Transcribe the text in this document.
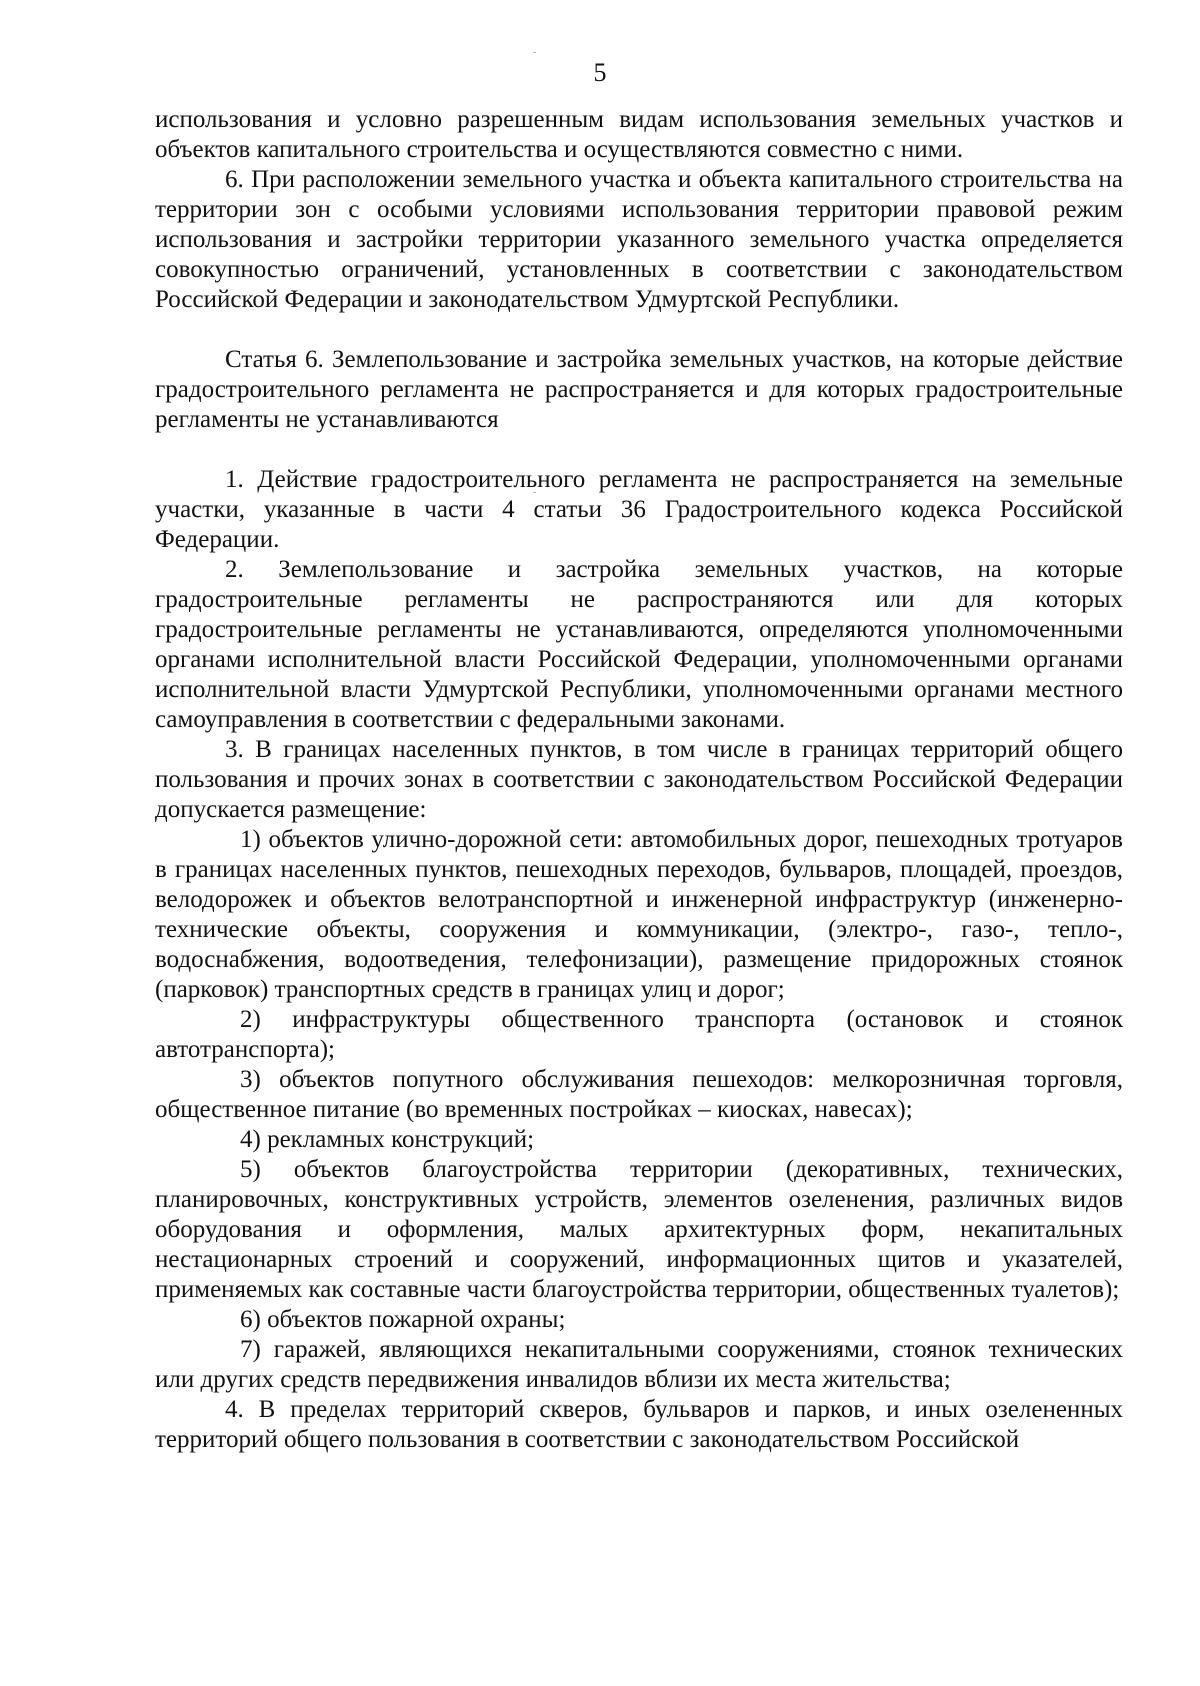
5

использования и условно разрешенным видам использования земельных участков и объектов капитального строительства и осуществляются совместно с ними.

6. При расположении земельного участка и объекта капитального строительства на территории зон с особыми условиями использования территории правовой режим использования и застройки территории указанного земельного участка определяется совокупностью ограничений, установленных в соответствии с законодательством Российской Федерации и законодательством Удмуртской Республики.

Статья 6. Землепользование и застройка земельных участков, на которые действие градостроительного регламента не распространяется и для которых градостроительные регламенты не устанавливаются

1. Действие градостроительного регламента не распространяется на земельные участки, указанные в части 4 статьи 36 Градостроительного кодекса Российской Федерации.

2. Землепользование и застройка земельных участков, на которые градостроительные регламенты не распространяются или для которых градостроительные регламенты не устанавливаются, определяются уполномоченными органами исполнительной власти Российской Федерации, уполномоченными органами исполнительной власти Удмуртской Республики, уполномоченными органами местного самоуправления в соответствии с федеральными законами.

3. В границах населенных пунктов, в том числе в границах территорий общего пользования и прочих зонах в соответствии с законодательством Российской Федерации допускается размещение:

1) объектов улично-дорожной сети: автомобильных дорог, пешеходных тротуаров в границах населенных пунктов, пешеходных переходов, бульваров, площадей, проездов, велодорожек и объектов велотранспортной и инженерной инфраструктур (инженерно-технические объекты, сооружения и коммуникации, (электро-, газо-, тепло-, водоснабжения, водоотведения, телефонизации), размещение придорожных стоянок (парковок) транспортных средств в границах улиц и дорог;

2) инфраструктуры общественного транспорта (остановок и стоянок автотранспорта);

3) объектов попутного обслуживания пешеходов: мелкорозничная торговля, общественное питание (во временных постройках – киосках, навесах);

4) рекламных конструкций;

5) объектов благоустройства территории (декоративных, технических, планировочных, конструктивных устройств, элементов озеленения, различных видов оборудования и оформления, малых архитектурных форм, некапитальных нестационарных строений и сооружений, информационных щитов и указателей, применяемых как составные части благоустройства территории, общественных туалетов);

6) объектов пожарной охраны;

7) гаражей, являющихся некапитальными сооружениями, стоянок технических или других средств передвижения инвалидов вблизи их места жительства;

4. В пределах территорий скверов, бульваров и парков, и иных озелененных территорий общего пользования в соответствии с законодательством Российской
